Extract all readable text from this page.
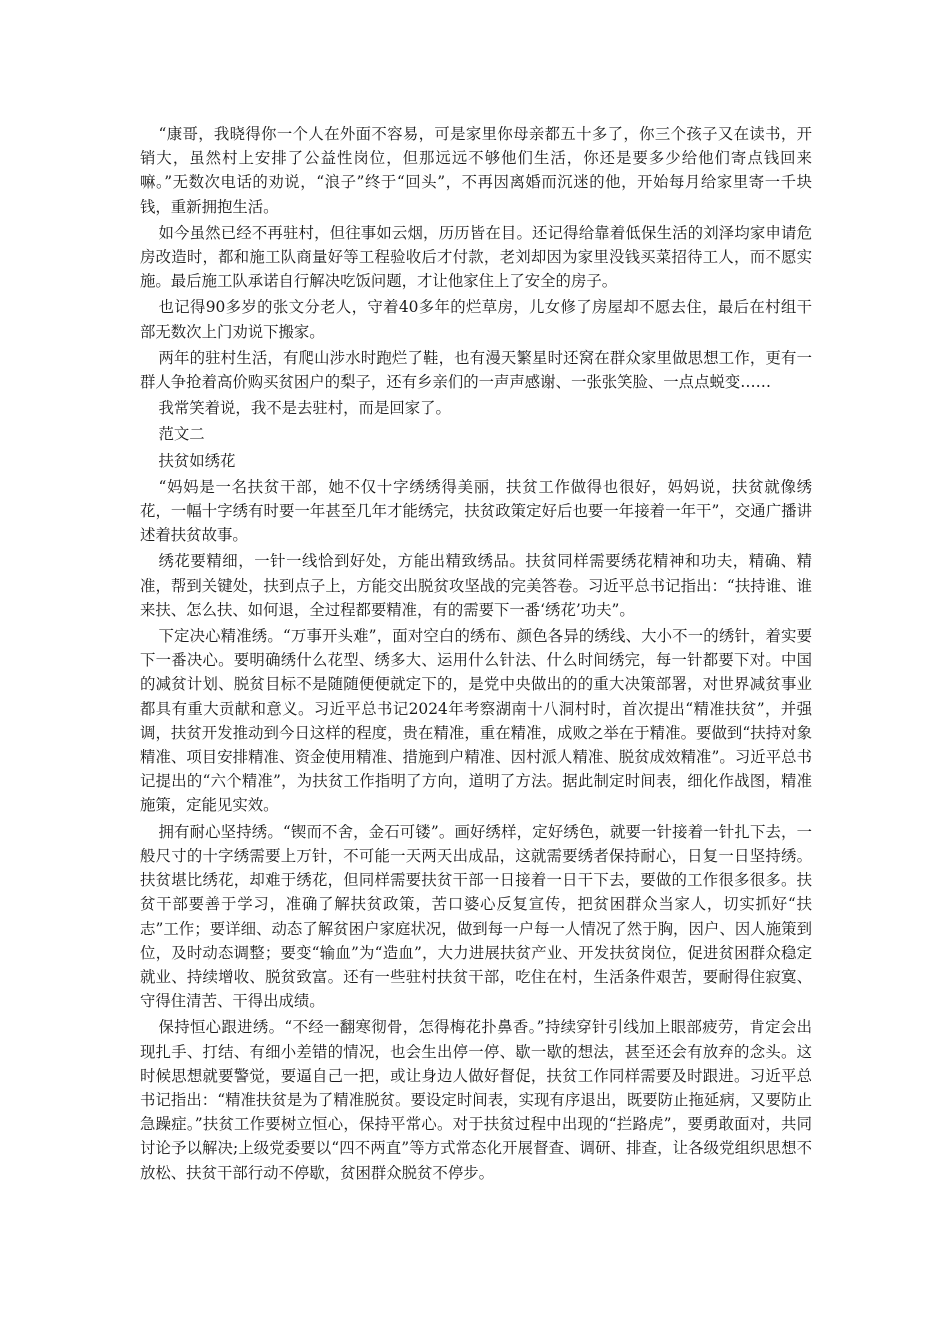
“康哥，我晓得你一个人在外面不容易，可是家里你母亲都五十多了，你三个孩子又在读书，开销大，虽然村上安排了公益性岗位，但那远远不够他们生活，你还是要多少给他们寄点钱回来嘛。”无数次电话的劝说，“浪子”终于“回头”，不再因离婚而沉迷的他，开始每月给家里寄一千块钱，重新拥抱生活。

如今虽然已经不再驻村，但往事如云烟，历历皆在目。还记得给靠着低保生活的刘泽均家申请危房改造时，都和施工队商量好等工程验收后才付款，老刘却因为家里没钱买菜招待工人，而不愿实施。最后施工队承诺自行解决吃饭问题，才让他家住上了安全的房子。

也记得90多岁的张文分老人，守着40多年的烂草房，儿女修了房屋却不愿去住，最后在村组干部无数次上门劝说下搬家。

两年的驻村生活，有爬山涉水时跑烂了鞋，也有漫天繁星时还窝在群众家里做思想工作，更有一群人争抢着高价购买贫困户的梨子，还有乡亲们的一声声感谢、一张张笑脸、一点点蜕变……

我常笑着说，我不是去驻村，而是回家了。

范文二

扶贫如绣花

“妈妈是一名扶贫干部，她不仅十字绣绣得美丽，扶贫工作做得也很好，妈妈说，扶贫就像绣花，一幅十字绣有时要一年甚至几年才能绣完，扶贫政策定好后也要一年接着一年干”，交通广播讲述着扶贫故事。

绣花要精细，一针一线恰到好处，方能出精致绣品。扶贫同样需要绣花精神和功夫，精确、精准，帮到关键处，扶到点子上，方能交出脱贫攻坚战的完美答卷。习近平总书记指出：“扶持谁、谁来扶、怎么扶、如何退，全过程都要精准，有的需要下一番‘绣花’功夫”。

下定决心精准绣。“万事开头难”，面对空白的绣布、颜色各异的绣线、大小不一的绣针，着实要下一番决心。要明确绣什么花型、绣多大、运用什么针法、什么时间绣完，每一针都要下对。中国的减贫计划、脱贫目标不是随随便便就定下的，是党中央做出的的重大决策部署，对世界减贫事业都具有重大贡献和意义。习近平总书记2024年考察湖南十八洞村时，首次提出“精准扶贫”，并强调，扶贫开发推动到今日这样的程度，贵在精准，重在精准，成败之举在于精准。要做到“扶持对象精准、项目安排精准、资金使用精准、措施到户精准、因村派人精准、脱贫成效精准”。习近平总书记提出的“六个精准”，为扶贫工作指明了方向，道明了方法。据此制定时间表，细化作战图，精准施策，定能见实效。

拥有耐心坚持绣。“锲而不舍，金石可镂”。画好绣样，定好绣色，就要一针接着一针扎下去，一般尺寸的十字绣需要上万针，不可能一天两天出成品，这就需要绣者保持耐心，日复一日坚持绣。扶贫堪比绣花，却难于绣花，但同样需要扶贫干部一日接着一日干下去，要做的工作很多很多。扶贫干部要善于学习，准确了解扶贫政策，苦口婆心反复宣传，把贫困群众当家人，切实抓好“扶志”工作；要详细、动态了解贫困户家庭状况，做到每一户每一人情况了然于胸，因户、因人施策到位，及时动态调整；要变“输血”为“造血”，大力进展扶贫产业、开发扶贫岗位，促进贫困群众稳定就业、持续增收、脱贫致富。还有一些驻村扶贫干部，吃住在村，生活条件艰苦，要耐得住寂寞、守得住清苦、干得出成绩。

保持恒心跟进绣。“不经一翻寒彻骨，怎得梅花扑鼻香。”持续穿针引线加上眼部疲劳，肯定会出现扎手、打结、有细小差错的情况，也会生出停一停、歇一歇的想法，甚至还会有放弃的念头。这时候思想就要警觉，要逼自己一把，或让身边人做好督促，扶贫工作同样需要及时跟进。习近平总书记指出：“精准扶贫是为了精准脱贫。要设定时间表，实现有序退出，既要防止拖延病，又要防止急躁症。”扶贫工作要树立恒心，保持平常心。对于扶贫过程中出现的“拦路虎”，要勇敢面对，共同讨论予以解决;上级党委要以“四不两直”等方式常态化开展督查、调研、排查，让各级党组织思想不放松、扶贫干部行动不停歇，贫困群众脱贫不停步。
